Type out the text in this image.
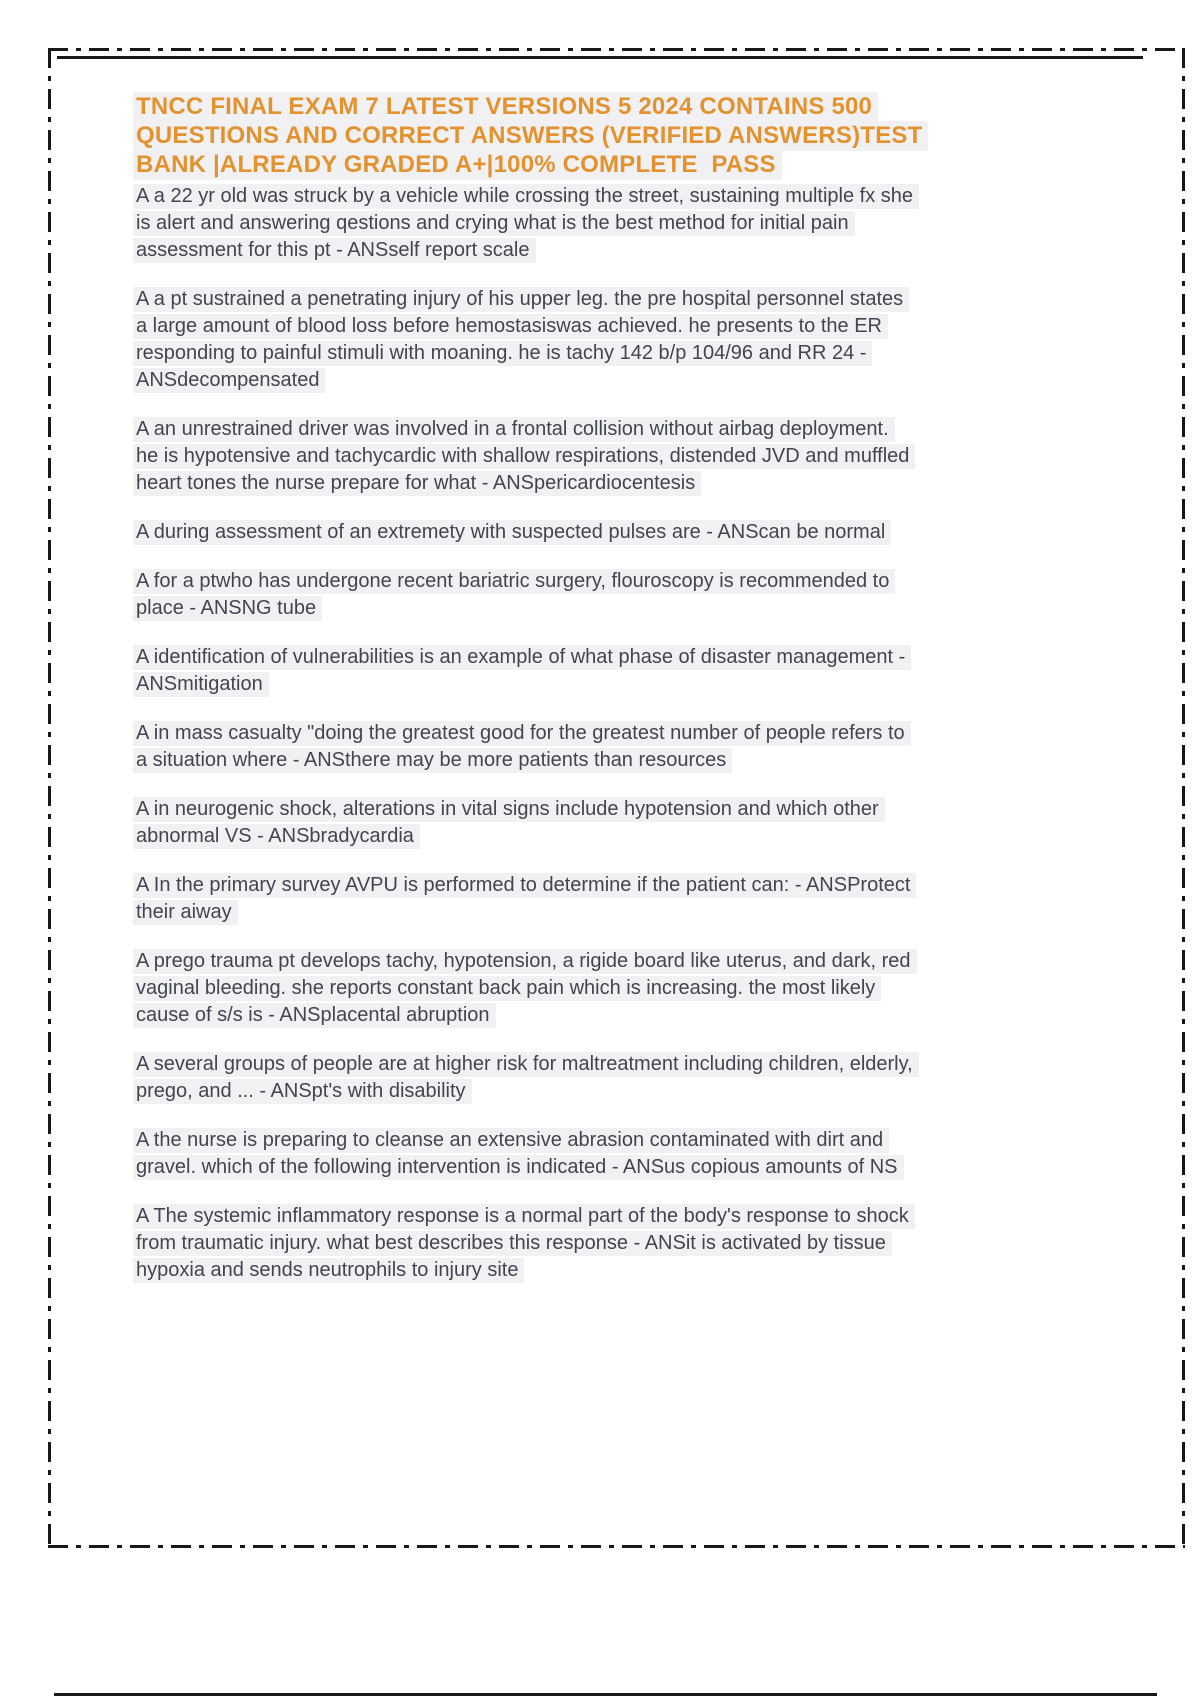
TNCC FINAL EXAM 7 LATEST VERSIONS 5 2024 CONTAINS 500
QUESTIONS AND CORRECT ANSWERS (VERIFIED ANSWERS)TEST
BANK |ALREADY GRADED A+|100% COMPLETE  PASS
A a 22 yr old was struck by a vehicle while crossing the street, sustaining multiple fx she
is alert and answering qestions and crying what is the best method for initial pain
assessment for this pt - ANSself report scale
A a pt sustrained a penetrating injury of his upper leg. the pre hospital personnel states
a large amount of blood loss before hemostasiswas achieved. he presents to the ER
responding to painful stimuli with moaning. he is tachy 142 b/p 104/96 and RR 24 -
ANSdecompensated
A an unrestrained driver was involved in a frontal collision without airbag deployment.
he is hypotensive and tachycardic with shallow respirations, distended JVD and muffled
heart tones the nurse prepare for what - ANSpericardiocentesis
A during assessment of an extremety with suspected pulses are - ANScan be normal
A for a ptwho has undergone recent bariatric surgery, flouroscopy is recommended to
place - ANSNG tube
A identification of vulnerabilities is an example of what phase of disaster management -
ANSmitigation
A in mass casualty "doing the greatest good for the greatest number of people refers to
a situation where - ANSthere may be more patients than resources
A in neurogenic shock, alterations in vital signs include hypotension and which other
abnormal VS - ANSbradycardia
A In the primary survey AVPU is performed to determine if the patient can: - ANSProtect
their aiway
A prego trauma pt develops tachy, hypotension, a rigide board like uterus, and dark, red
vaginal bleeding. she reports constant back pain which is increasing. the most likely
cause of s/s is - ANSplacental abruption
A several groups of people are at higher risk for maltreatment including children, elderly,
prego, and ... - ANSpt's with disability
A the nurse is preparing to cleanse an extensive abrasion contaminated with dirt and
gravel. which of the following intervention is indicated - ANSus copious amounts of NS
A The systemic inflammatory response is a normal part of the body's response to shock
from traumatic injury. what best describes this response - ANSit is activated by tissue
hypoxia and sends neutrophils to injury site
